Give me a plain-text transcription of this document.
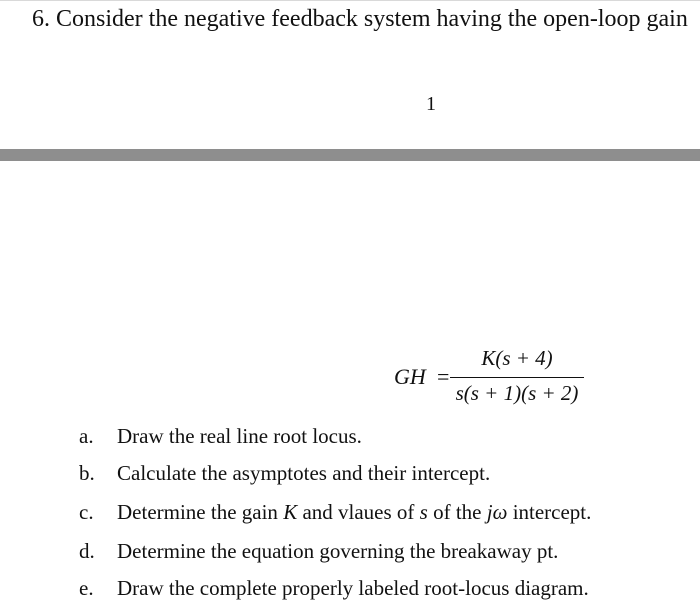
6. Consider the negative feedback system having the open-loop gain
1
GH =
K(s + 4)
s(s + 1)(s + 2)
a.	Draw the real line root locus.
b.	Calculate the asymptotes and their intercept.
c.	Determine the gain K and vlaues of s of the jω intercept.
d.	Determine the equation governing the breakaway pt.
e.	Draw the complete properly labeled root-locus diagram.
